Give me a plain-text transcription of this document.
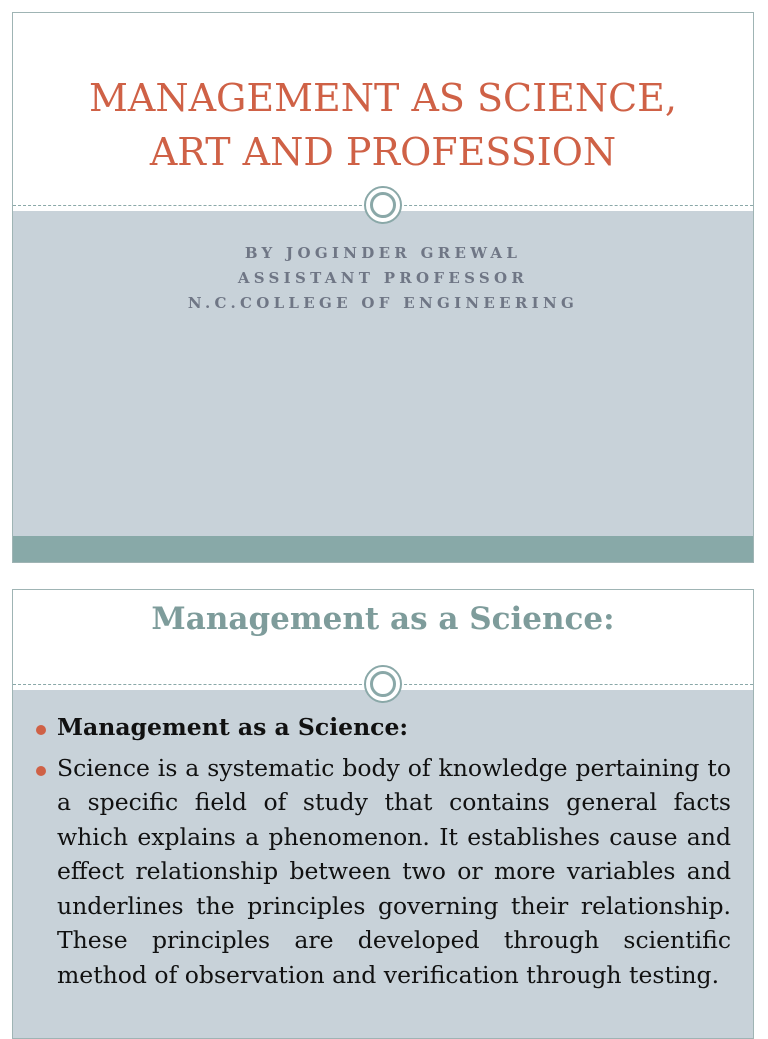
MANAGEMENT AS SCIENCE,
ART AND PROFESSION
BY JOGINDER GREWAL
ASSISTANT PROFESSOR
N.C.COLLEGE OF ENGINEERING
Management as a Science:
Management as a Science:
Science is a systematic body of knowledge pertaining to a specific field of study that contains general facts which explains a phenomenon. It establishes cause and effect relationship between two or more variables and underlines the principles governing their relationship. These principles are developed through scientific method of observation and verification through testing.
